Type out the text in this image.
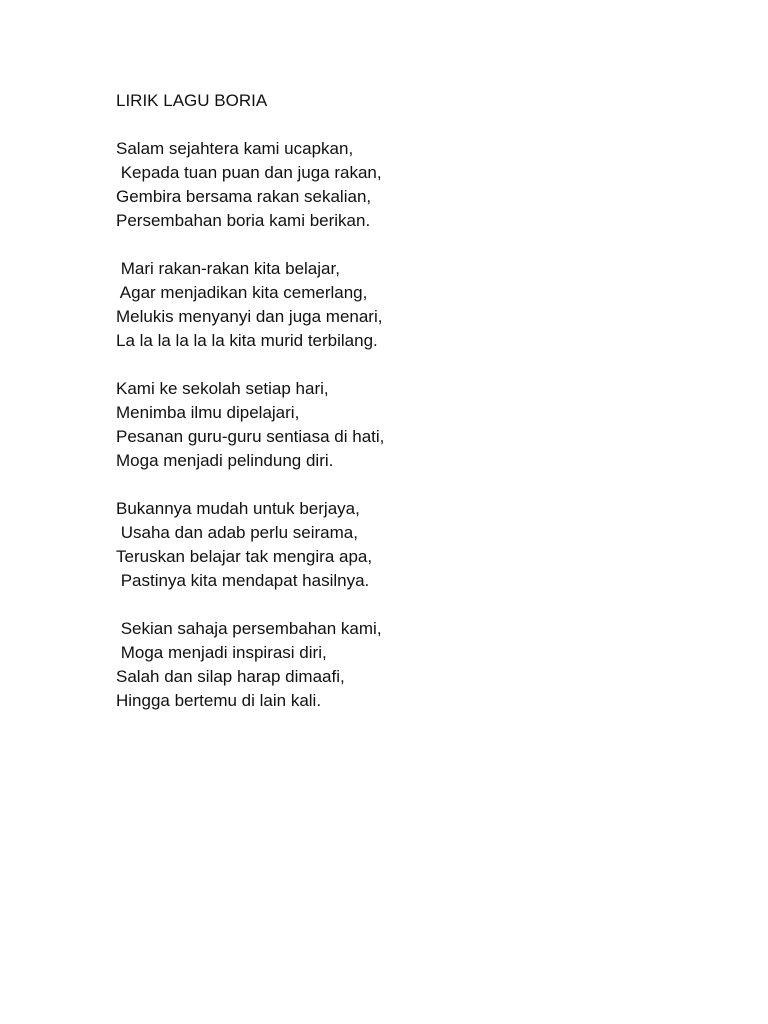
LIRIK LAGU BORIA
Salam sejahtera kami ucapkan,
Kepada tuan puan dan juga rakan,
Gembira bersama rakan sekalian,
Persembahan boria kami berikan.
Mari rakan-rakan kita belajar,
Agar menjadikan kita cemerlang,
Melukis menyanyi dan juga menari,
La la la la la la kita murid terbilang.
Kami ke sekolah setiap hari,
Menimba ilmu dipelajari,
Pesanan guru-guru sentiasa di hati,
Moga menjadi pelindung diri.
Bukannya mudah untuk berjaya,
Usaha dan adab perlu seirama,
Teruskan belajar tak mengira apa,
Pastinya kita mendapat hasilnya.
Sekian sahaja persembahan kami,
Moga menjadi inspirasi diri,
Salah dan silap harap dimaafi,
Hingga bertemu di lain kali.
